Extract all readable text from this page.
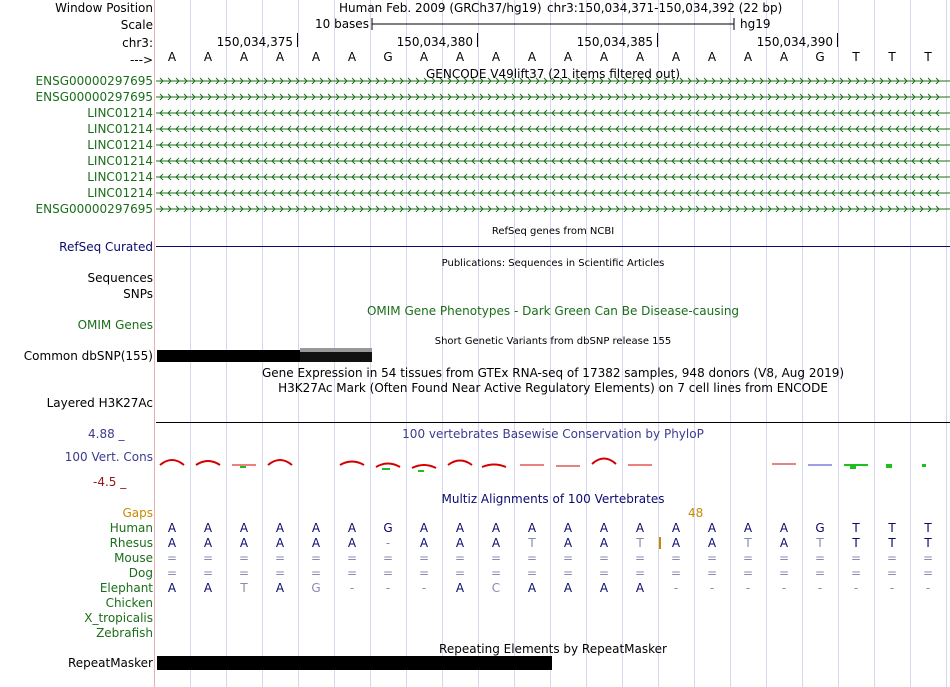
Window Position
Scale
chr3:
--->
Human Feb. 2009 (GRCh37/hg19) chr3:150,034,371-150,034,392 (22 bp)
10 bases	hg19
150,034,375	150,034,380	150,034,385	150,034,390
A	A	A	A	A	A	G	A	A	A	A	A	A	A	A	A	A	A	G	T	T	T
GENCODE V49lift37 (21 items filtered out)
ENSG00000297695
ENSG00000297695
LINC01214
LINC01214
LINC01214
LINC01214
LINC01214
LINC01214
ENSG00000297695
RefSeq genes from NCBI
RefSeq Curated
Publications: Sequences in Scientific Articles
Sequences
SNPs
OMIM Gene Phenotypes - Dark Green Can Be Disease-causing
OMIM Genes
Short Genetic Variants from dbSNP release 155
Common dbSNP(155)
Gene Expression in 54 tissues from GTEx RNA-seq of 17382 samples, 948 donors (V8, Aug 2019)
H3K27Ac Mark (Often Found Near Active Regulatory Elements) on 7 cell lines from ENCODE
Layered H3K27Ac
4.88 _	100 vertebrates Basewise Conservation by PhyloP
100 Vert. Cons
-4.5 _
Multiz Alignments of 100 Vertebrates
Gaps	48
Human	A	A	A	A	A	A	G	A	A	A	A	A	A	A	A	A	A	A	G	T	T	T
Rhesus	A	A	A	A	A	A	-	A	A	A	T	A	A	T	A	A	T	A	T	T	T	T
Mouse	=	=	=	=	=	=	=	=	=	=	=	=	=	=	=	=	=	=	=	=	=	=
Dog	=	=	=	=	=	=	=	=	=	=	=	=	=	=	=	=	=	=	=	=	=	=
Elephant	A	A	T	A	G	-	-	-	A	C	A	A	A	A	-	-	-	-	-	-	-	-
Chicken
X_tropicalis
Zebrafish
Repeating Elements by RepeatMasker
RepeatMasker
